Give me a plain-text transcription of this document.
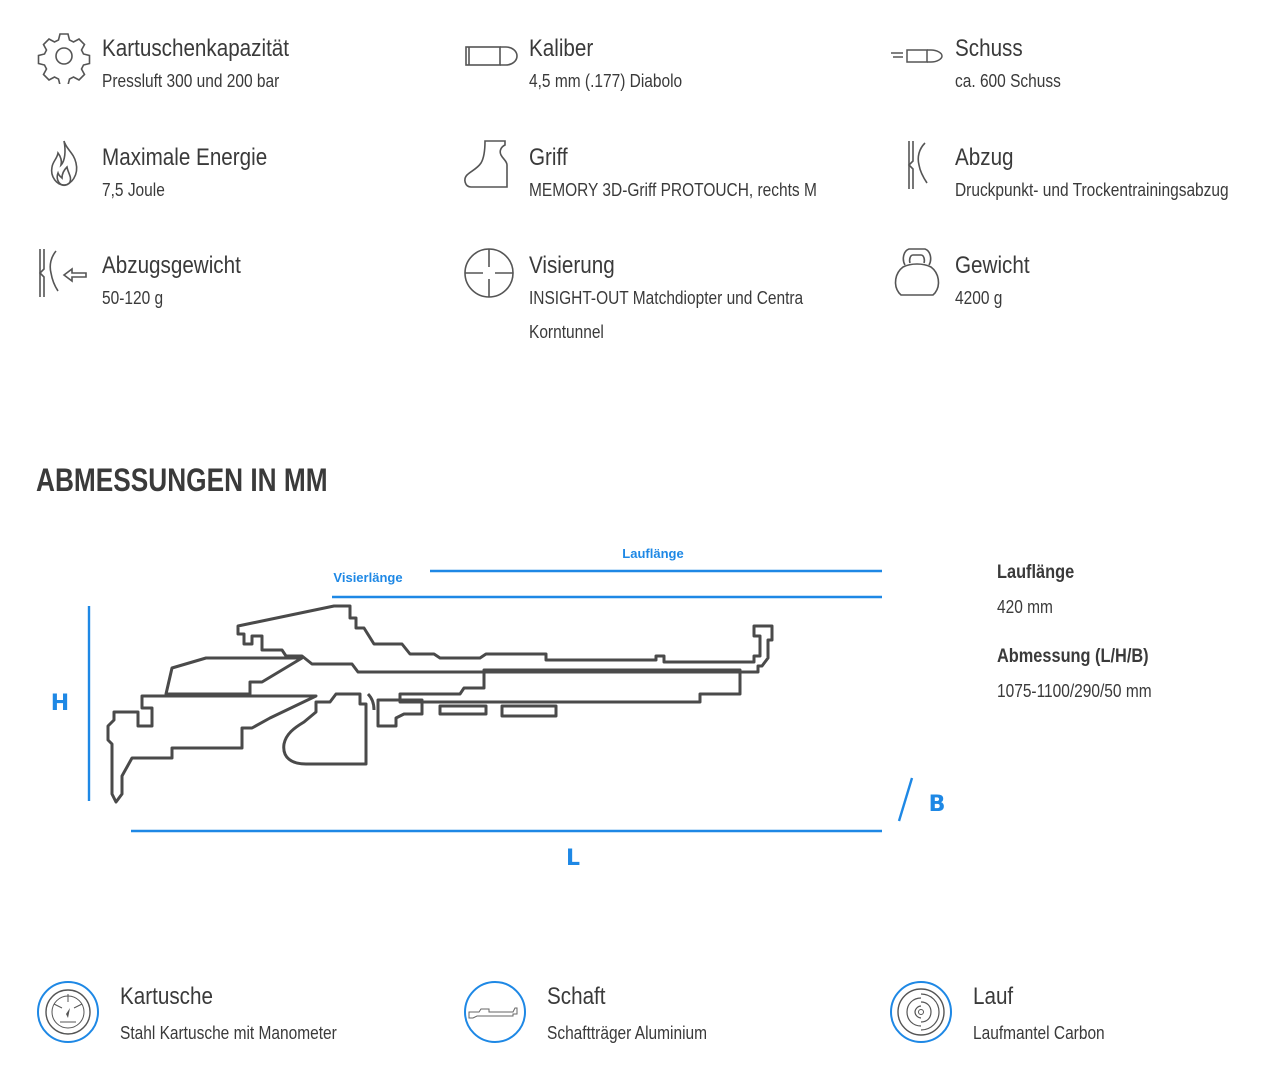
Kartuschenkapazität
Pressluft 300 und 200 bar
Kaliber
4,5 mm (.177) Diabolo
Schuss
ca. 600 Schuss
Maximale Energie
7,5 Joule
Griff
MEMORY 3D-Griff PROTOUCH, rechts M
Abzug
Druckpunkt- und Trockentrainingsabzug
Abzugsgewicht
50-120 g
Visierung
INSIGHT-OUT Matchdiopter und Centra Korntunnel
Gewicht
4200 g
ABMESSUNGEN IN MM
Lauflänge
Visierlänge
H
L
B
Lauflänge
420 mm
Abmessung (L/H/B)
1075-1100/290/50 mm
Kartusche
Stahl Kartusche mit Manometer
Schaft
Schaftträger Aluminium
Lauf
Laufmantel Carbon
